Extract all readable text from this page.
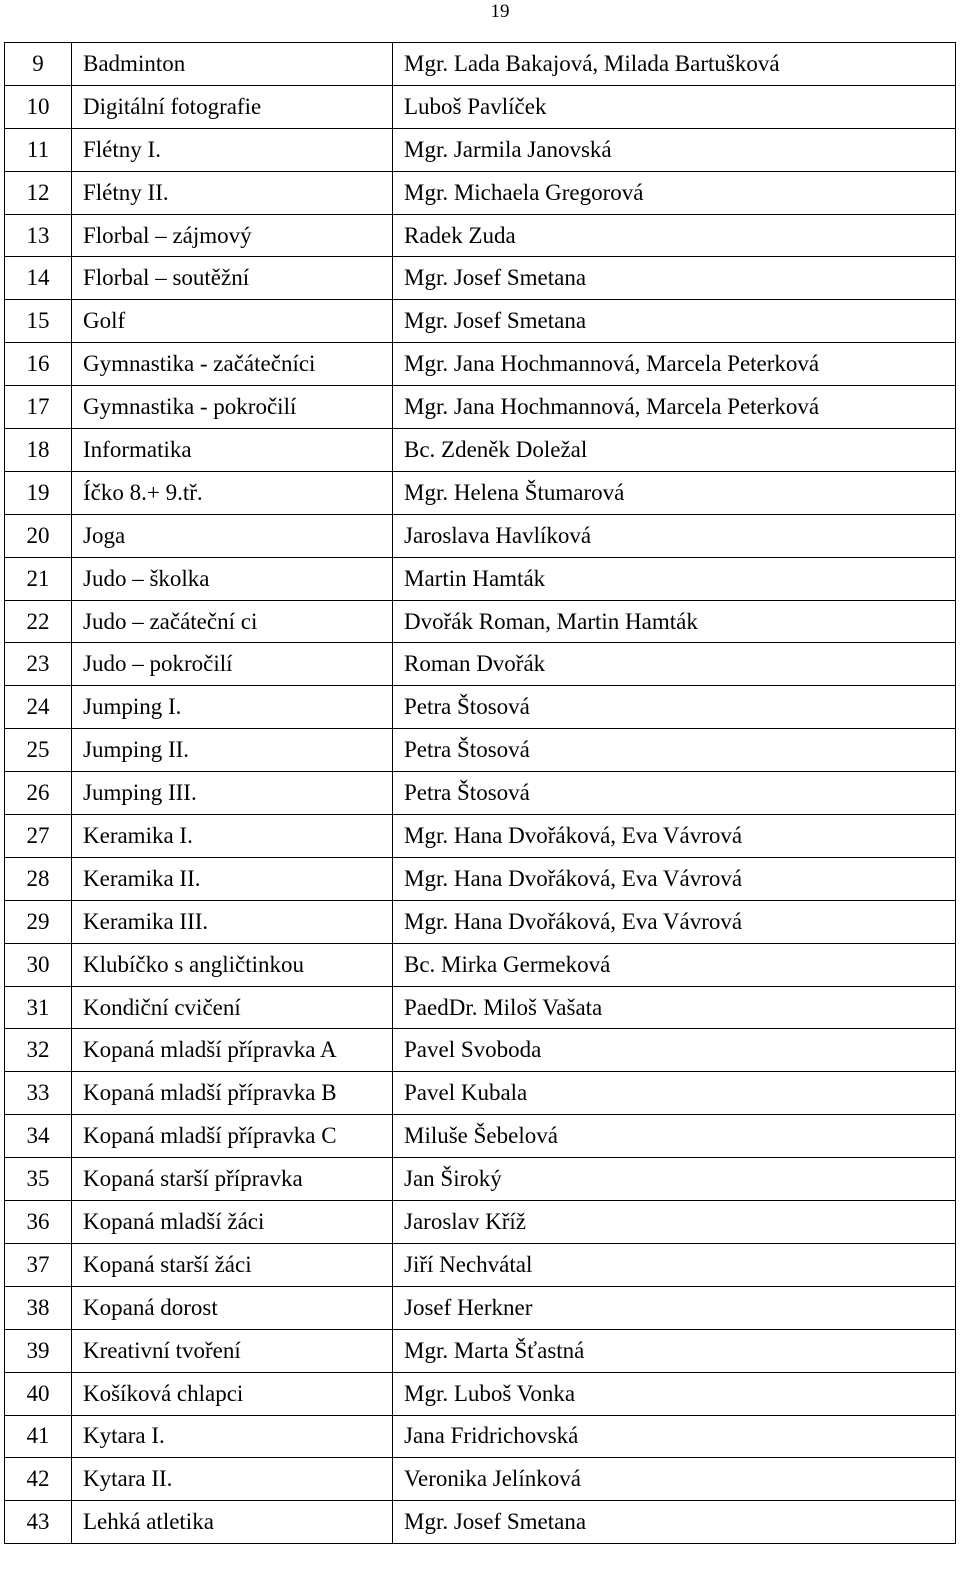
19
9	Badminton	Mgr. Lada Bakajová, Milada Bartušková
10	Digitální fotografie	Luboš Pavlíček
11	Flétny I.	Mgr. Jarmila Janovská
12	Flétny II.	Mgr. Michaela Gregorová
13	Florbal – zájmový	Radek Zuda
14	Florbal – soutěžní	Mgr. Josef Smetana
15	Golf	Mgr. Josef Smetana
16	Gymnastika - začátečníci	Mgr. Jana Hochmannová, Marcela Peterková
17	Gymnastika - pokročilí	Mgr. Jana Hochmannová, Marcela Peterková
18	Informatika	Bc. Zdeněk Doležal
19	Íčko 8.+ 9.tř.	Mgr. Helena Štumarová
20	Joga	Jaroslava Havlíková
21	Judo – školka	Martin Hamták
22	Judo – začáteční ci	Dvořák Roman, Martin Hamták
23	Judo – pokročilí	Roman Dvořák
24	Jumping I.	Petra Štosová
25	Jumping II.	Petra Štosová
26	Jumping III.	Petra Štosová
27	Keramika I.	Mgr. Hana Dvořáková, Eva Vávrová
28	Keramika II.	Mgr. Hana Dvořáková, Eva Vávrová
29	Keramika III.	Mgr. Hana Dvořáková, Eva Vávrová
30	Klubíčko s angličtinkou	Bc. Mirka Germeková
31	Kondiční cvičení	PaedDr. Miloš Vašata
32	Kopaná mladší přípravka A	Pavel Svoboda
33	Kopaná mladší přípravka B	Pavel Kubala
34	Kopaná mladší přípravka C	Miluše Šebelová
35	Kopaná starší přípravka	Jan Široký
36	Kopaná mladší žáci	Jaroslav Kříž
37	Kopaná starší žáci	Jiří Nechvátal
38	Kopaná dorost	Josef Herkner
39	Kreativní tvoření	Mgr. Marta Šťastná
40	Košíková chlapci	Mgr. Luboš Vonka
41	Kytara I.	Jana Fridrichovská
42	Kytara II.	Veronika Jelínková
43	Lehká atletika	Mgr. Josef Smetana
